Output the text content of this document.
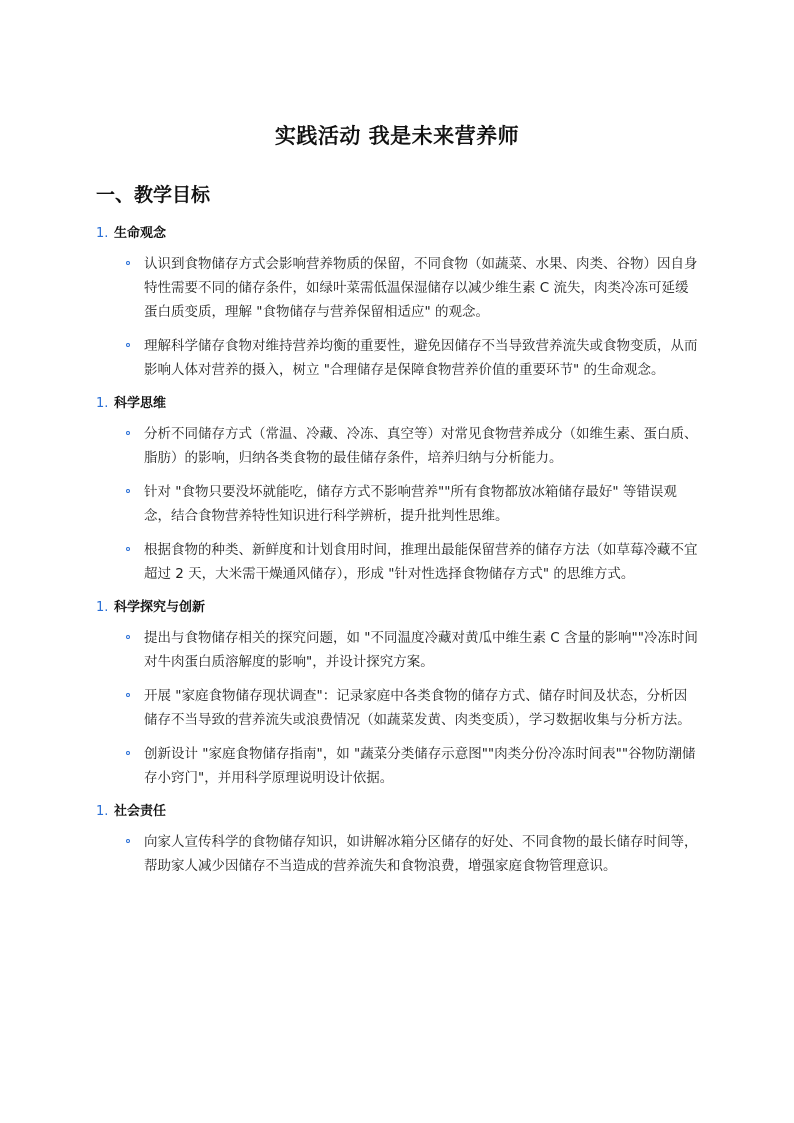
实践活动 我是未来营养师
一、教学目标
1. 生命观念
认识到食物储存方式会影响营养物质的保留，不同食物（如蔬菜、水果、肉类、谷物）因自身特性需要不同的储存条件，如绿叶菜需低温保湿储存以减少维生素 C 流失，肉类冷冻可延缓蛋白质变质，理解 "食物储存与营养保留相适应" 的观念。
理解科学储存食物对维持营养均衡的重要性，避免因储存不当导致营养流失或食物变质，从而影响人体对营养的摄入，树立 "合理储存是保障食物营养价值的重要环节" 的生命观念。
1. 科学思维
分析不同储存方式（常温、冷藏、冷冻、真空等）对常见食物营养成分（如维生素、蛋白质、脂肪）的影响，归纳各类食物的最佳储存条件，培养归纳与分析能力。
针对 "食物只要没坏就能吃，储存方式不影响营养""所有食物都放冰箱储存最好" 等错误观念，结合食物营养特性知识进行科学辨析，提升批判性思维。
根据食物的种类、新鲜度和计划食用时间，推理出最能保留营养的储存方法（如草莓冷藏不宜超过 2 天，大米需干燥通风储存），形成 "针对性选择食物储存方式" 的思维方式。
1. 科学探究与创新
提出与食物储存相关的探究问题，如 "不同温度冷藏对黄瓜中维生素 C 含量的影响""冷冻时间对牛肉蛋白质溶解度的影响"，并设计探究方案。
开展 "家庭食物储存现状调查"：记录家庭中各类食物的储存方式、储存时间及状态，分析因储存不当导致的营养流失或浪费情况（如蔬菜发黄、肉类变质），学习数据收集与分析方法。
创新设计 "家庭食物储存指南"，如 "蔬菜分类储存示意图""肉类分份冷冻时间表""谷物防潮储存小窍门"，并用科学原理说明设计依据。
1. 社会责任
向家人宣传科学的食物储存知识，如讲解冰箱分区储存的好处、不同食物的最长储存时间等，帮助家人减少因储存不当造成的营养流失和食物浪费，增强家庭食物管理意识。
